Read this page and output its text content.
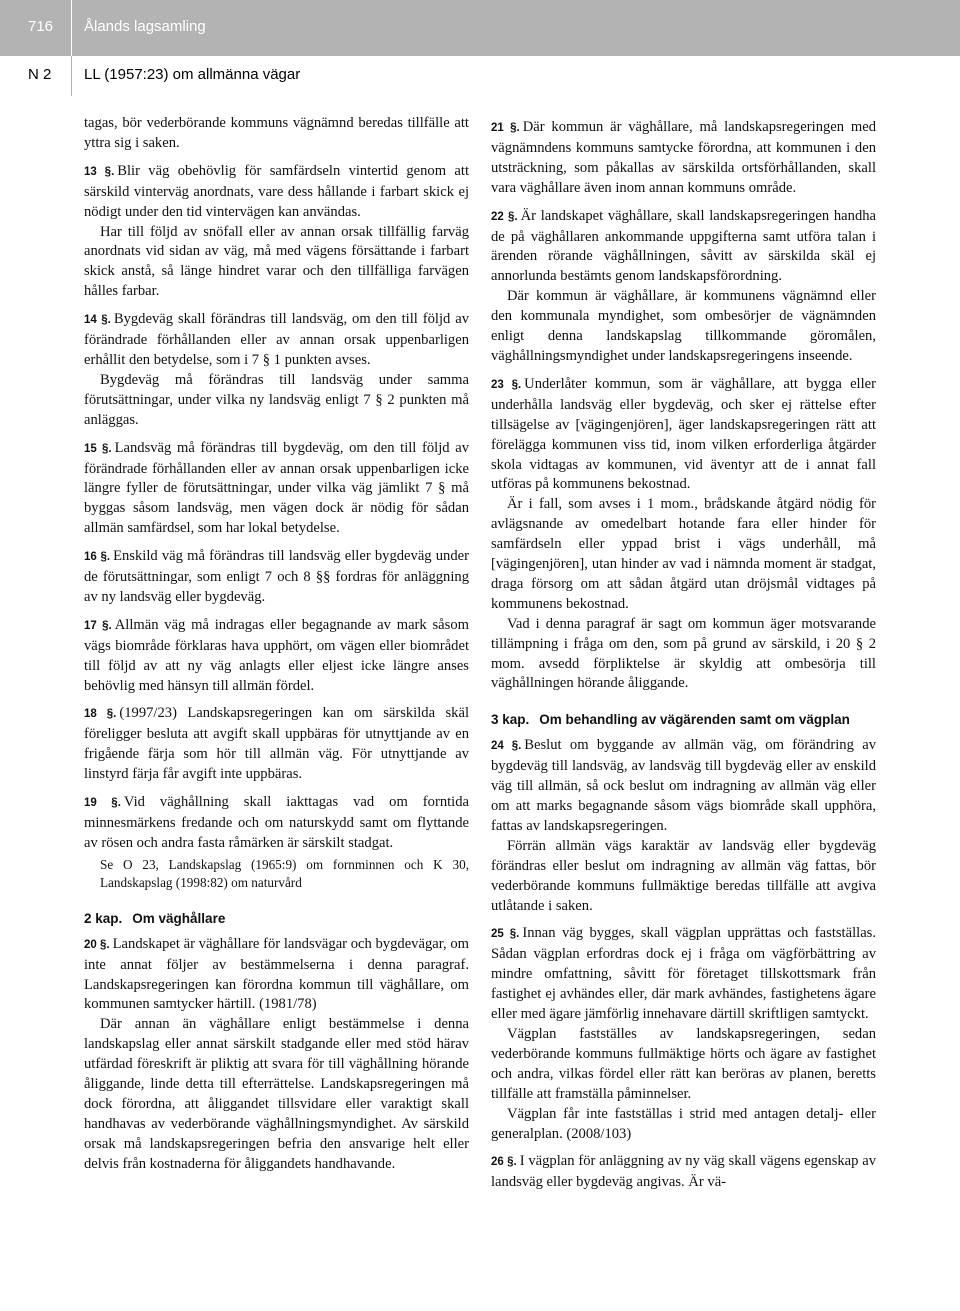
716 Ålands lagsamling
N 2 LL (1957:23) om allmänna vägar

tagas, bör vederbörande kommuns vägnämnd beredas tillfälle att yttra sig i saken.

13 §. Blir väg obehövlig för samfärdseln vintertid genom att särskild vinterväg anordnats, vare dess hållande i farbart skick ej nödigt under den tid vintervägen kan användas.

Har till följd av snöfall eller av annan orsak tillfällig farväg anordnats vid sidan av väg, må med vägens försättande i farbart skick anstå, så länge hindret varar och den tillfälliga farvägen hålles farbar.

14 §. Bygdeväg skall förändras till landsväg, om den till följd av förändrade förhållanden eller av annan orsak uppenbarligen erhållit den betydelse, som i 7 § 1 punkten avses.

Bygdeväg må förändras till landsväg under samma förutsättningar, under vilka ny landsväg enligt 7 § 2 punkten må anläggas.

15 §. Landsväg må förändras till bygdeväg, om den till följd av förändrade förhållanden eller av annan orsak uppenbarligen icke längre fyller de förutsättningar, under vilka väg jämlikt 7 § må byggas såsom landsväg, men vägen dock är nödig för sådan allmän samfärdsel, som har lokal betydelse.

16 §. Enskild väg må förändras till landsväg eller bygdeväg under de förutsättningar, som enligt 7 och 8 §§ fordras för anläggning av ny landsväg eller bygdeväg.

17 §. Allmän väg må indragas eller begagnande av mark såsom vägs biområde förklaras hava upphört, om vägen eller biområdet till följd av att ny väg anlagts eller eljest icke längre anses behövlig med hänsyn till allmän fördel.

18 §. (1997/23) Landskapsregeringen kan om särskilda skäl föreligger besluta att avgift skall uppbäras för utnyttjande av en frigående färja som hör till allmän väg. För utnyttjande av linstyrd färja får avgift inte uppbäras.

19 §. Vid väghållning skall iakttagas vad om forntida minnesmärkens fredande och om naturskydd samt om flyttande av rösen och andra fasta råmärken är särskilt stadgat.

Se O 23, Landskapslag (1965:9) om fornminnen och K 30, Landskapslag (1998:82) om naturvård

2 kap. Om väghållare

20 §. Landskapet är väghållare för landsvägar och bygdevägar, om inte annat följer av bestämmelserna i denna paragraf. Landskapsregeringen kan förordna kommun till väghållare, om kommunen samtycker härtill. (1981/78)

Där annan än väghållare enligt bestämmelse i denna landskapslag eller annat särskilt stadgande eller med stöd härav utfärdad föreskrift är pliktig att svara för till väghållning hörande åliggande, linde detta till efterrättelse. Landskapsregeringen må dock förordna, att åliggandet tillsvidare eller varaktigt skall handhavas av vederbörande väghållningsmyndighet. Av särskild orsak må landskapsregeringen befria den ansvarige helt eller delvis från kostnaderna för åliggandets handhavande.

21 §. Där kommun är väghållare, må landskapsregeringen med vägnämndens kommuns samtycke förordna, att kommunen i den utsträckning, som påkallas av särskilda ortsförhållanden, skall vara väghållare även inom annan kommuns område.

22 §. Är landskapet väghållare, skall landskapsregeringen handha de på väghållaren ankommande uppgifterna samt utföra talan i ärenden rörande väghållningen, såvitt av särskilda skäl ej annorlunda bestämts genom landskapsförordning.

Där kommun är väghållare, är kommunens vägnämnd eller den kommunala myndighet, som ombesörjer de vägnämnden enligt denna landskapslag tillkommande göromålen, väghållningsmyndighet under landskapsregeringens inseende.

23 §. Underlåter kommun, som är väghållare, att bygga eller underhålla landsväg eller bygdeväg, och sker ej rättelse efter tillsägelse av [vägingenjören], äger landskapsregeringen rätt att förelägga kommunen viss tid, inom vilken erforderliga åtgärder skola vidtagas av kommunen, vid äventyr att de i annat fall utföras på kommunens bekostnad.

Är i fall, som avses i 1 mom., brådskande åtgärd nödig för avlägsnande av omedelbart hotande fara eller hinder för samfärdseln eller yppad brist i vägs underhåll, må [vägingenjören], utan hinder av vad i nämnda moment är stadgat, draga försorg om att sådan åtgärd utan dröjsmål vidtages på kommunens bekostnad.

Vad i denna paragraf är sagt om kommun äger motsvarande tillämpning i fråga om den, som på grund av särskild, i 20 § 2 mom. avsedd förpliktelse är skyldig att ombesörja till väghållningen hörande åliggande.

3 kap. Om behandling av vägärenden samt om vägplan

24 §. Beslut om byggande av allmän väg, om förändring av bygdeväg till landsväg, av landsväg till bygdeväg eller av enskild väg till allmän, så ock beslut om indragning av allmän väg eller om att marks begagnande såsom vägs biområde skall upphöra, fattas av landskapsregeringen.

Förrän allmän vägs karaktär av landsväg eller bygdeväg förändras eller beslut om indragning av allmän väg fattas, bör vederbörande kommuns fullmäktige beredas tillfälle att avgiva utlåtande i saken.

25 §. Innan väg bygges, skall vägplan upprättas och fastställas. Sådan vägplan erfordras dock ej i fråga om vägförbättring av mindre omfattning, såvitt för företaget tillskottsmark från fastighet ej avhändes eller, där mark avhändes, fastighetens ägare eller med ägare jämförlig innehavare därtill skriftligen samtyckt.

Vägplan fastställes av landskapsregeringen, sedan vederbörande kommuns fullmäktige hörts och ägare av fastighet och andra, vilkas fördel eller rätt kan beröras av planen, beretts tillfälle att framställa påminnelser.

Vägplan får inte fastställas i strid med antagen detalj- eller generalplan. (2008/103)

26 §. I vägplan för anläggning av ny väg skall vägens egenskap av landsväg eller bygdeväg angivas. Är vä-
